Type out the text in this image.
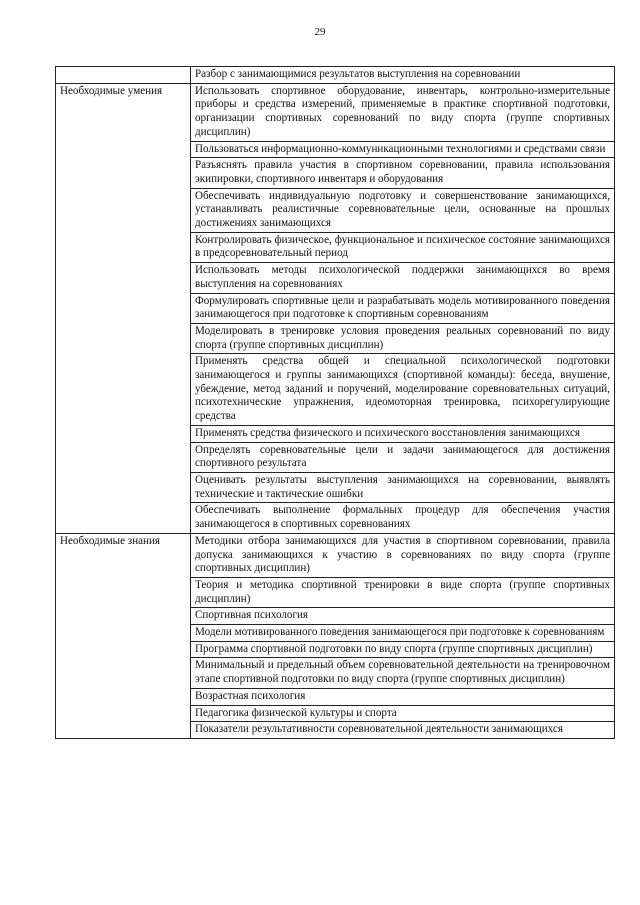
29
	Разбор с занимающимися результатов выступления на соревновании
Необходимые умения	Использовать спортивное оборудование, инвентарь, контрольно-измерительные приборы и средства измерений, применяемые в практике спортивной подготовки, организации спортивных соревнований по виду спорта (группе спортивных дисциплин)
	Пользоваться информационно-коммуникационными технологиями и средствами связи
	Разъяснять правила участия в спортивном соревновании, правила использования экипировки, спортивного инвентаря и оборудования
	Обеспечивать индивидуальную подготовку и совершенствование занимающихся, устанавливать реалистичные соревновательные цели, основанные на прошлых достижениях занимающихся
	Контролировать физическое, функциональное и психическое состояние занимающихся в предсоревновательный период
	Использовать методы психологической поддержки занимающихся во время выступления на соревнованиях
	Формулировать спортивные цели и разрабатывать модель мотивированного поведения занимающегося при подготовке к спортивным соревнованиям
	Моделировать в тренировке условия проведения реальных соревнований по виду спорта (группе спортивных дисциплин)
	Применять средства общей и специальной психологической подготовки занимающегося и группы занимающихся (спортивной команды): беседа, внушение, убеждение, метод заданий и поручений, моделирование соревновательных ситуаций, психотехнические упражнения, идеомоторная тренировка, психорегулирующие средства
	Применять средства физического и психического восстановления занимающихся
	Определять соревновательные цели и задачи занимающегося для достижения спортивного результата
	Оценивать результаты выступления занимающихся на соревновании, выявлять технические и тактические ошибки
	Обеспечивать выполнение формальных процедур для обеспечения участия занимающегося в спортивных соревнованиях
Необходимые знания	Методики отбора занимающихся для участия в спортивном соревновании, правила допуска занимающихся к участию в соревнованиях по виду спорта (группе спортивных дисциплин)
	Теория и методика спортивной тренировки в виде спорта (группе спортивных дисциплин)
	Спортивная психология
	Модели мотивированного поведения занимающегося при подготовке к соревнованиям
	Программа спортивной подготовки по виду спорта (группе спортивных дисциплин)
	Минимальный и предельный объем соревновательной деятельности на тренировочном этапе спортивной подготовки по виду спорта (группе спортивных дисциплин)
	Возрастная психология
	Педагогика физической культуры и спорта
	Показатели результативности соревновательной деятельности занимающихся
